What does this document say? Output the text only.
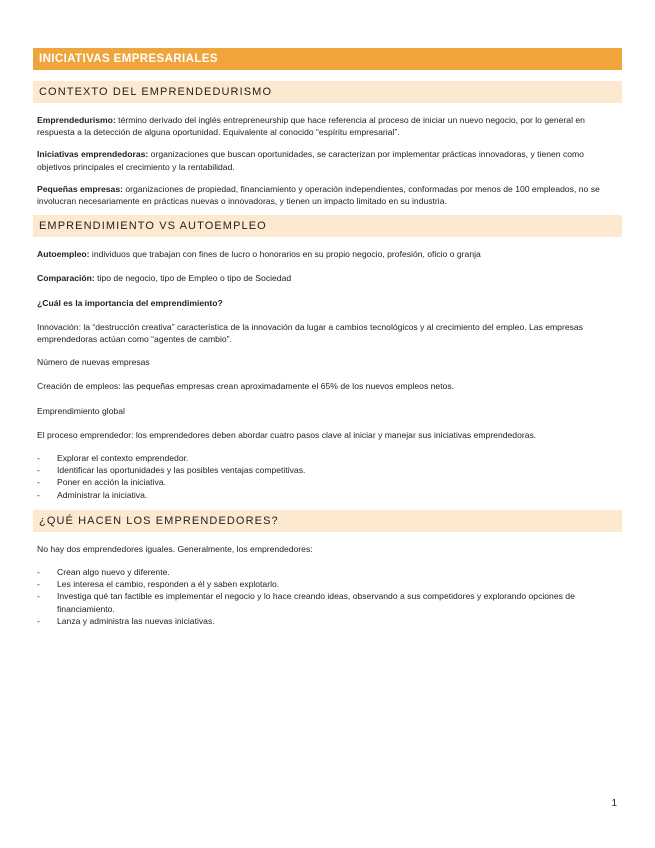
INICIATIVAS EMPRESARIALES
CONTEXTO DEL EMPRENDEDURISMO

Emprendedurismo: término derivado del inglés entrepreneurship que hace referencia al proceso de iniciar un nuevo negocio, por lo general en respuesta a la detección de alguna oportunidad. Equivalente al conocido “espíritu empresarial”.

Iniciativas emprendedoras: organizaciones que buscan oportunidades, se caracterizan por implementar prácticas innovadoras, y tienen como objetivos principales el crecimiento y la rentabilidad.

Pequeñas empresas: organizaciones de propiedad, financiamiento y operación independientes, conformadas por menos de 100 empleados, no se involucran necesariamente en prácticas nuevas o innovadoras, y tienen un impacto limitado en su industria.

EMPRENDIMIENTO VS AUTOEMPLEO

Autoempleo: individuos que trabajan con fines de lucro o honorarios en su propio negocio, profesión, oficio o granja

Comparación: tipo de negocio, tipo de Empleo o tipo de Sociedad

¿Cuál es la importancia del emprendimiento?

Innovación: la “destrucción creativa” característica de la innovación da lugar a cambios tecnológicos y al crecimiento del empleo. Las empresas emprendedoras actúan como “agentes de cambio”.

Número de nuevas empresas

Creación de empleos: las pequeñas empresas crean aproximadamente el 65% de los nuevos empleos netos.

Emprendimiento global

El proceso emprendedor: los emprendedores deben abordar cuatro pasos clave al iniciar y manejar sus iniciativas emprendedoras.

- Explorar el contexto emprendedor.
- Identificar las oportunidades y las posibles ventajas competitivas.
- Poner en acción la iniciativa.
- Administrar la iniciativa.
¿QUÉ HACEN LOS EMPRENDEDORES?

No hay dos emprendedores iguales. Generalmente, los emprendedores:

- Crean algo nuevo y diferente.
- Les interesa el cambio, responden a él y saben explotarlo.
- Investiga qué tan factible es implementar el negocio y lo hace creando ideas, observando a sus competidores y explorando opciones de financiamiento.
- Lanza y administra las nuevas iniciativas.
1
